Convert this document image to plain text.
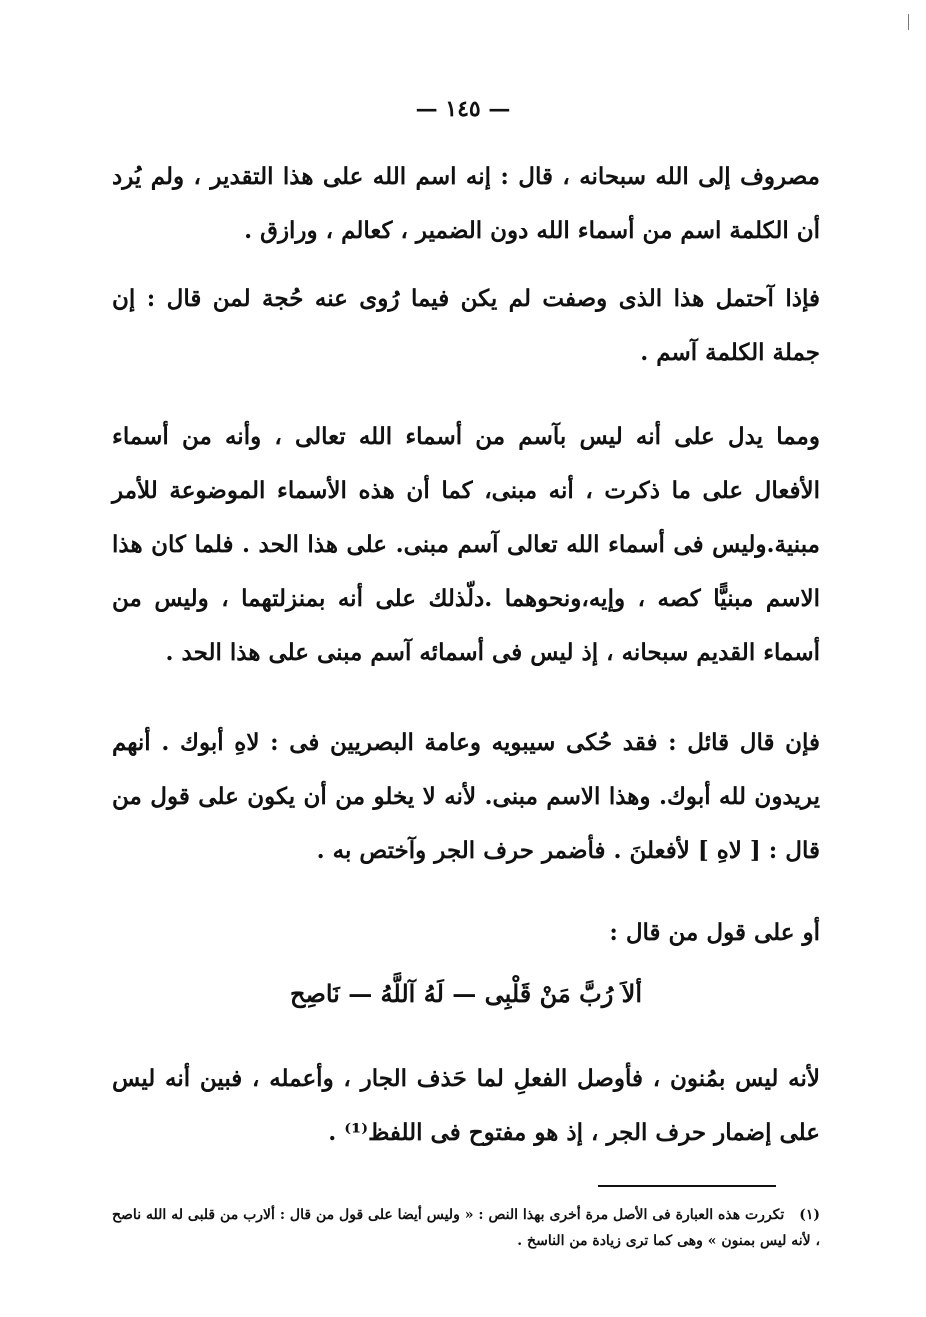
— ١٤٥ —

مصروف إلى الله سبحانه ، قال : إنه اسم الله على هذا التقدير ، ولم يُرد أن الكلمة اسم من أسماء الله دون الضمير ، كعالم ، ورازق .

فإذا آحتمل هذا الذى وصفت لم يكن فيما رُوى عنه حُجة لمن قال : إن جملة الكلمة آسم .

ومما يدل على أنه ليس بآسم من أسماء الله تعالى ، وأنه من أسماء الأفعال على ما ذكرت ، أنه مبنى، كما أن هذه الأسماء الموضوعة للأمر مبنية.وليس فى أسماء الله تعالى آسم مبنى. على هذا الحد . فلما كان هذا الاسم مبنيًّا كصه ، وإيه،ونحوهما .دلّذلك على أنه بمنزلتهما ، وليس من أسماء القديم سبحانه ، إذ ليس فى أسمائه آسم مبنى على هذا الحد .

فإن قال قائل : فقد حُكى سيبويه وعامة البصريين فى : لاهِ أبوك . أنهم يريدون لله أبوك. وهذا الاسم مبنى. لأنه لا يخلو من أن يكون على قول من قال : [ لاهِ ] لأفعلنَ . فأضمر حرف الجر وآختص به .

أو على قول من قال :

ألاَ رُبَّ مَنْ قَلْبِى — لَهُ آللَّهُ — نَاصِح

لأنه ليس بمُنون ، فأوصل الفعلِ لما حَذف الجار ، وأعمله ، فبين أنه ليس على إضمار حرف الجر ، إذ هو مفتوح فى اللفظ⁽¹⁾ .

(١) تكررت هذه العبارة فى الأصل مرة أخرى بهذا النص : « وليس أيضا على قول من قال : ألارب من قلبى له الله ناصح ، لأنه ليس بمنون » وهى كما ترى زيادة من الناسخ .
